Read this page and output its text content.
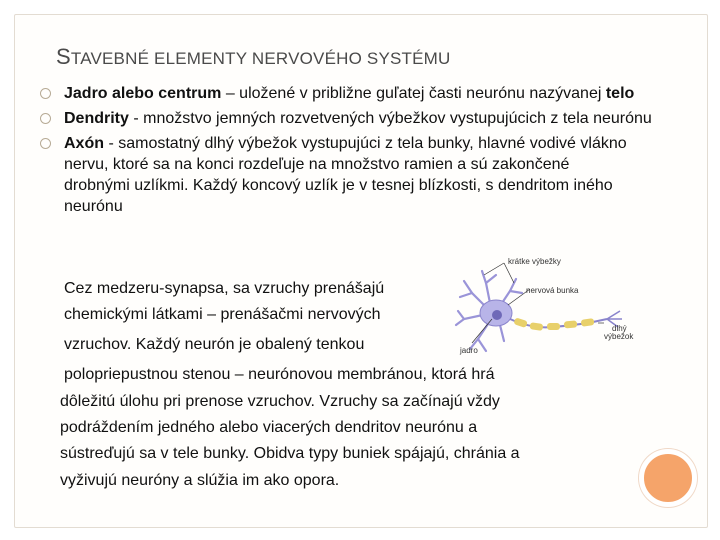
STAVEBNÉ ELEMENTY NERVOVÉHO SYSTÉMU
Jadro alebo centrum – uložené v približne guľatej časti neurónu nazývanej telo
Dendrity - množstvo jemných rozvetvených výbežkov vystupujúcich z tela neurónu
Axón - samostatný dlhý výbežok vystupujúci z tela bunky, hlavné vodivé vlákno nervu, ktoré sa na konci rozdeľuje na množstvo ramien a sú zakončené drobnými uzlíkmi. Každý koncový uzlík je v tesnej blízkosti, s dendritom iného neurónu
Cez medzeru-synapsa, sa vzruchy prenášajú
chemickými látkami – prenášačmi nervových
vzruchov. Každý neurón je obalený tenkou
polopriepustnou stenou – neurónovou membránou, ktorá hrá
dôležitú úlohu pri prenose vzruchov. Vzruchy sa začínajú vždy
podráždením jedného alebo viacerých dendritov neurónu a
sústreďujú sa v tele bunky. Obidva typy buniek spájajú, chránia a
vyživujú neuróny a slúžia im ako opora.
krátke výbežky
nervová bunka
dlhý
výbežok
jadro
